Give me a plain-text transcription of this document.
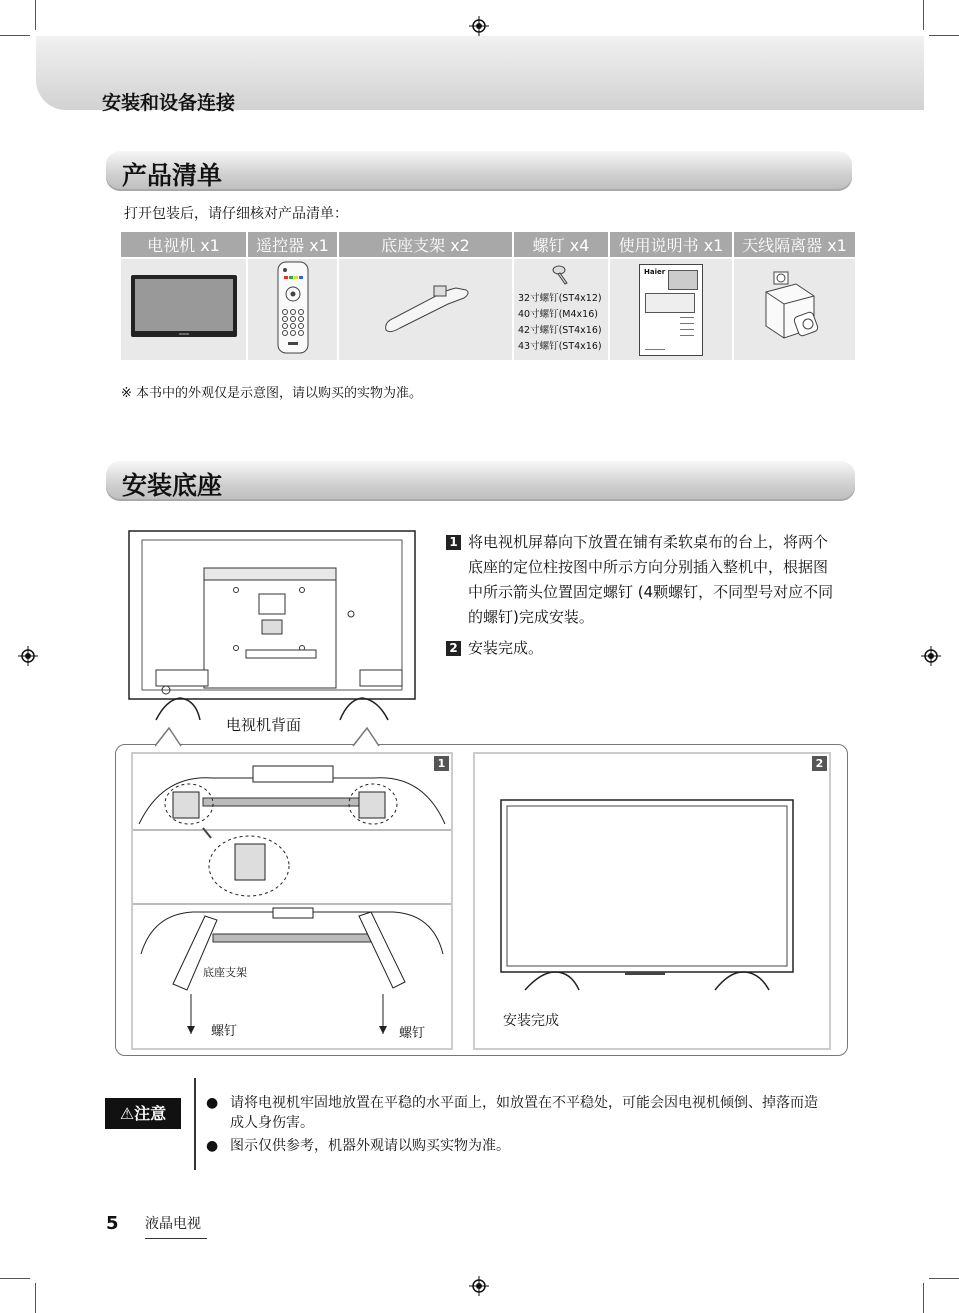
安装和设备连接
产品清单
打开包装后，请仔细核对产品清单：
电视机 x1	遥控器 x1	底座支架 x2	螺钉 x4	使用说明书 x1	天线隔离器 x1

32寸螺钉(ST4x12)
40寸螺钉(M4x16)
42寸螺钉(ST4x16)
43寸螺钉(ST4x16)	Haier

※ 本书中的外观仅是示意图，请以购买的实物为准。
安装底座
电视机背面
1 将电视机屏幕向下放置在铺有柔软桌布的台上，将两个底座的定位柱按图中所示方向分别插入整机中，根据图中所示箭头位置固定螺钉 (4颗螺钉，不同型号对应不同的螺钉)完成安装。
2 安装完成。
1
底座支架
螺钉	螺钉
2
安装完成
⚠注意
● 请将电视机牢固地放置在平稳的水平面上，如放置在不平稳处，可能会因电视机倾倒、掉落而造成人身伤害。
● 图示仅供参考，机器外观请以购买实物为准。
5 液晶电视
